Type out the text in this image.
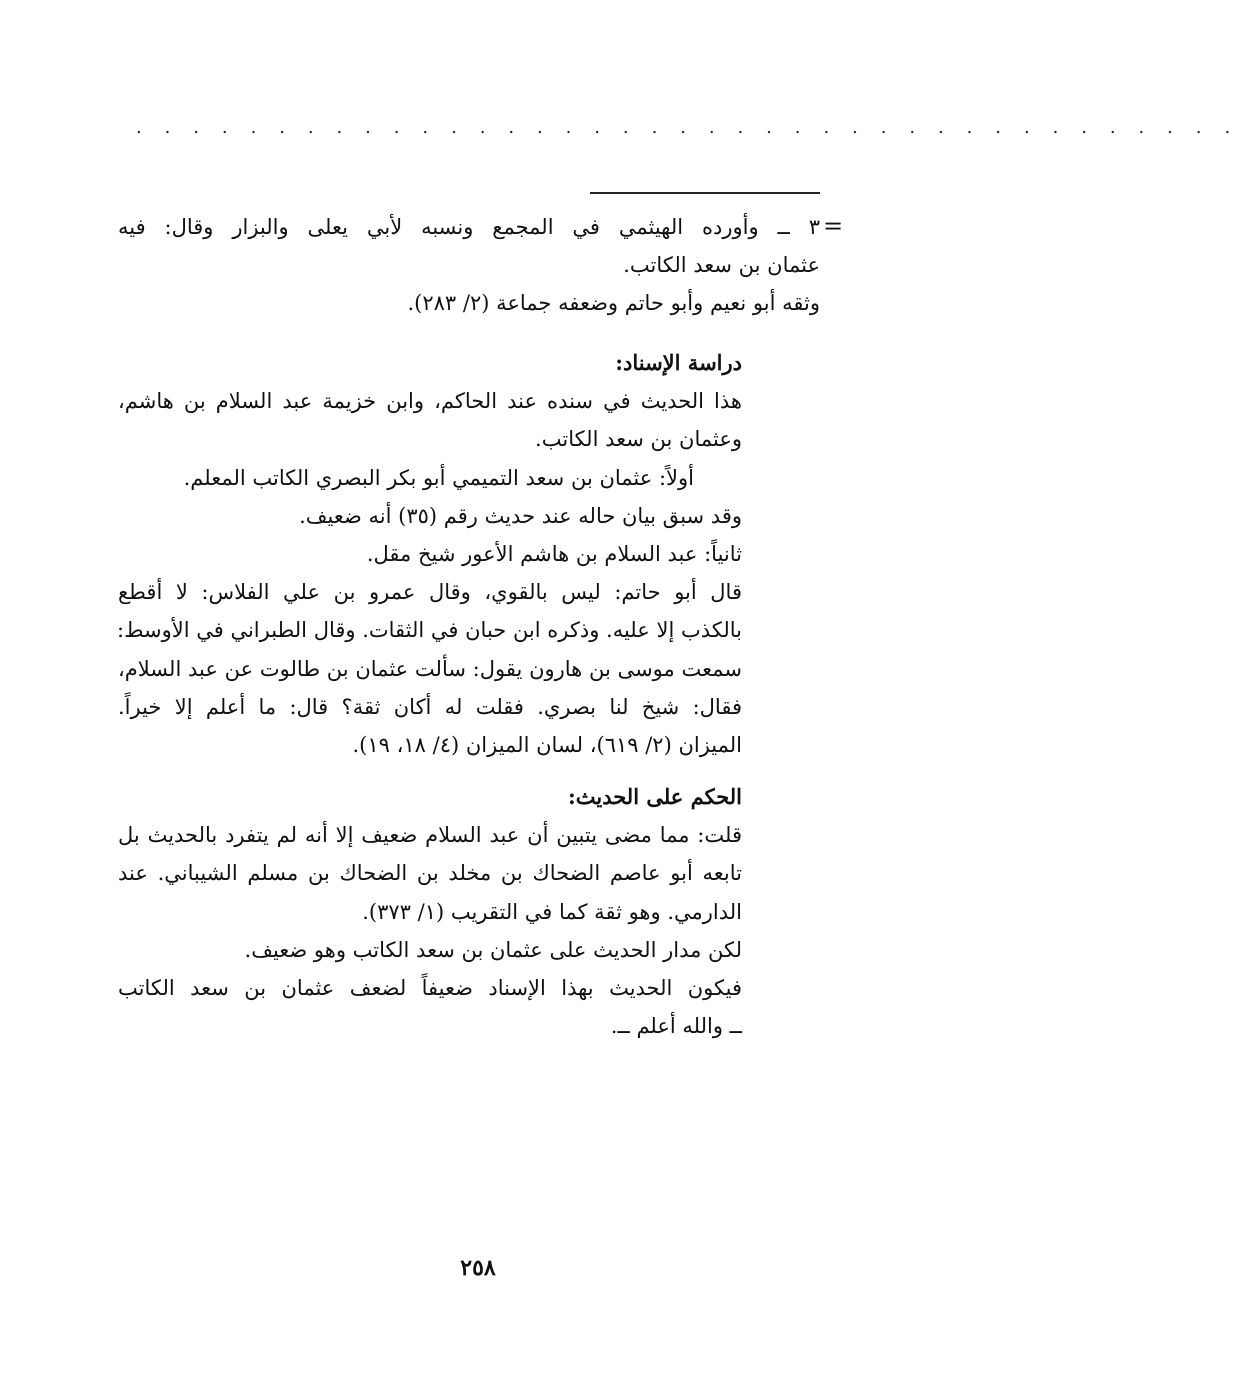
. . . . . . . . . . . . . . . . . . . . . . . . . . . . . . . . . . . . . . .
=
٣ ــ وأورده الهيثمي في المجمع ونسبه لأبي يعلى والبزار وقال: فيه
عثمان بن سعد الكاتب.
وثقه أبو نعيم وأبو حاتم وضعفه جماعة (٢/ ٢٨٣).
دراسة الإسناد:
هذا الحديث في سنده عند الحاكم، وابن خزيمة عبد السلام بن هاشم،
وعثمان بن سعد الكاتب.
أولاً: عثمان بن سعد التميمي أبو بكر البصري الكاتب المعلم.
وقد سبق بيان حاله عند حديث رقم (٣٥) أنه ضعيف.
ثانياً: عبد السلام بن هاشم الأعور شيخ مقل.
قال أبو حاتم: ليس بالقوي، وقال عمرو بن علي الفلاس: لا أقطع
بالكذب إلا عليه. وذكره ابن حبان في الثقات. وقال الطبراني في الأوسط:
سمعت موسى بن هارون يقول: سألت عثمان بن طالوت عن عبد السلام،
فقال: شيخ لنا بصري. فقلت له أكان ثقة؟ قال: ما أعلم إلا خيراً.
الميزان (٢/ ٦١٩)، لسان الميزان (٤/ ١٨، ١٩).
الحكم على الحديث:
قلت: مما مضى يتبين أن عبد السلام ضعيف إلا أنه لم يتفرد بالحديث بل
تابعه أبو عاصم الضحاك بن مخلد بن الضحاك بن مسلم الشيباني. عند
الدارمي. وهو ثقة كما في التقريب (١/ ٣٧٣).
لكن مدار الحديث على عثمان بن سعد الكاتب وهو ضعيف.
فيكون الحديث بهذا الإسناد ضعيفاً لضعف عثمان بن سعد الكاتب
ــ والله أعلم ــ.
٢٥٨
